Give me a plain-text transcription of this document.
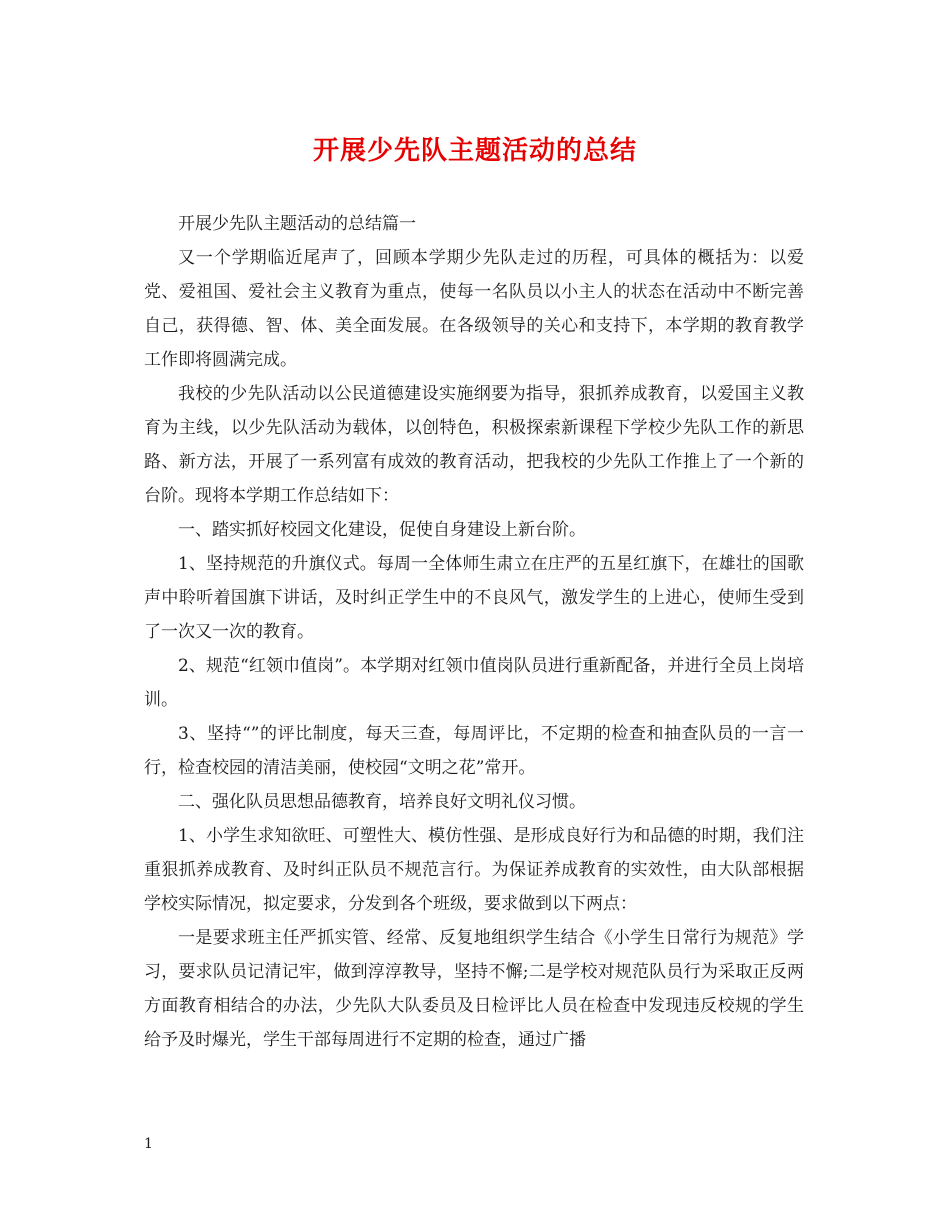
开展少先队主题活动的总结

开展少先队主题活动的总结篇一

又一个学期临近尾声了，回顾本学期少先队走过的历程，可具体的概括为：以爱党、爱祖国、爱社会主义教育为重点，使每一名队员以小主人的状态在活动中不断完善自己，获得德、智、体、美全面发展。在各级领导的关心和支持下，本学期的教育教学工作即将圆满完成。

我校的少先队活动以公民道德建设实施纲要为指导，狠抓养成教育，以爱国主义教育为主线，以少先队活动为载体，以创特色，积极探索新课程下学校少先队工作的新思路、新方法，开展了一系列富有成效的教育活动，把我校的少先队工作推上了一个新的台阶。现将本学期工作总结如下：

一、踏实抓好校园文化建设，促使自身建设上新台阶。

1、坚持规范的升旗仪式。每周一全体师生肃立在庄严的五星红旗下，在雄壮的国歌声中聆听着国旗下讲话，及时纠正学生中的不良风气，激发学生的上进心，使师生受到了一次又一次的教育。

2、规范“红领巾值岗”。本学期对红领巾值岗队员进行重新配备，并进行全员上岗培训。

3、坚持“”的评比制度，每天三查，每周评比，不定期的检查和抽查队员的一言一行，检查校园的清洁美丽，使校园“文明之花”常开。

二、强化队员思想品德教育，培养良好文明礼仪习惯。

1、小学生求知欲旺、可塑性大、模仿性强、是形成良好行为和品德的时期，我们注重狠抓养成教育、及时纠正队员不规范言行。为保证养成教育的实效性，由大队部根据学校实际情况，拟定要求，分发到各个班级，要求做到以下两点：

一是要求班主任严抓实管、经常、反复地组织学生结合《小学生日常行为规范》学习，要求队员记清记牢，做到淳淳教导，坚持不懈;二是学校对规范队员行为采取正反两方面教育相结合的办法，少先队大队委员及日检评比人员在检查中发现违反校规的学生给予及时爆光，学生干部每周进行不定期的检查，通过广播

1
